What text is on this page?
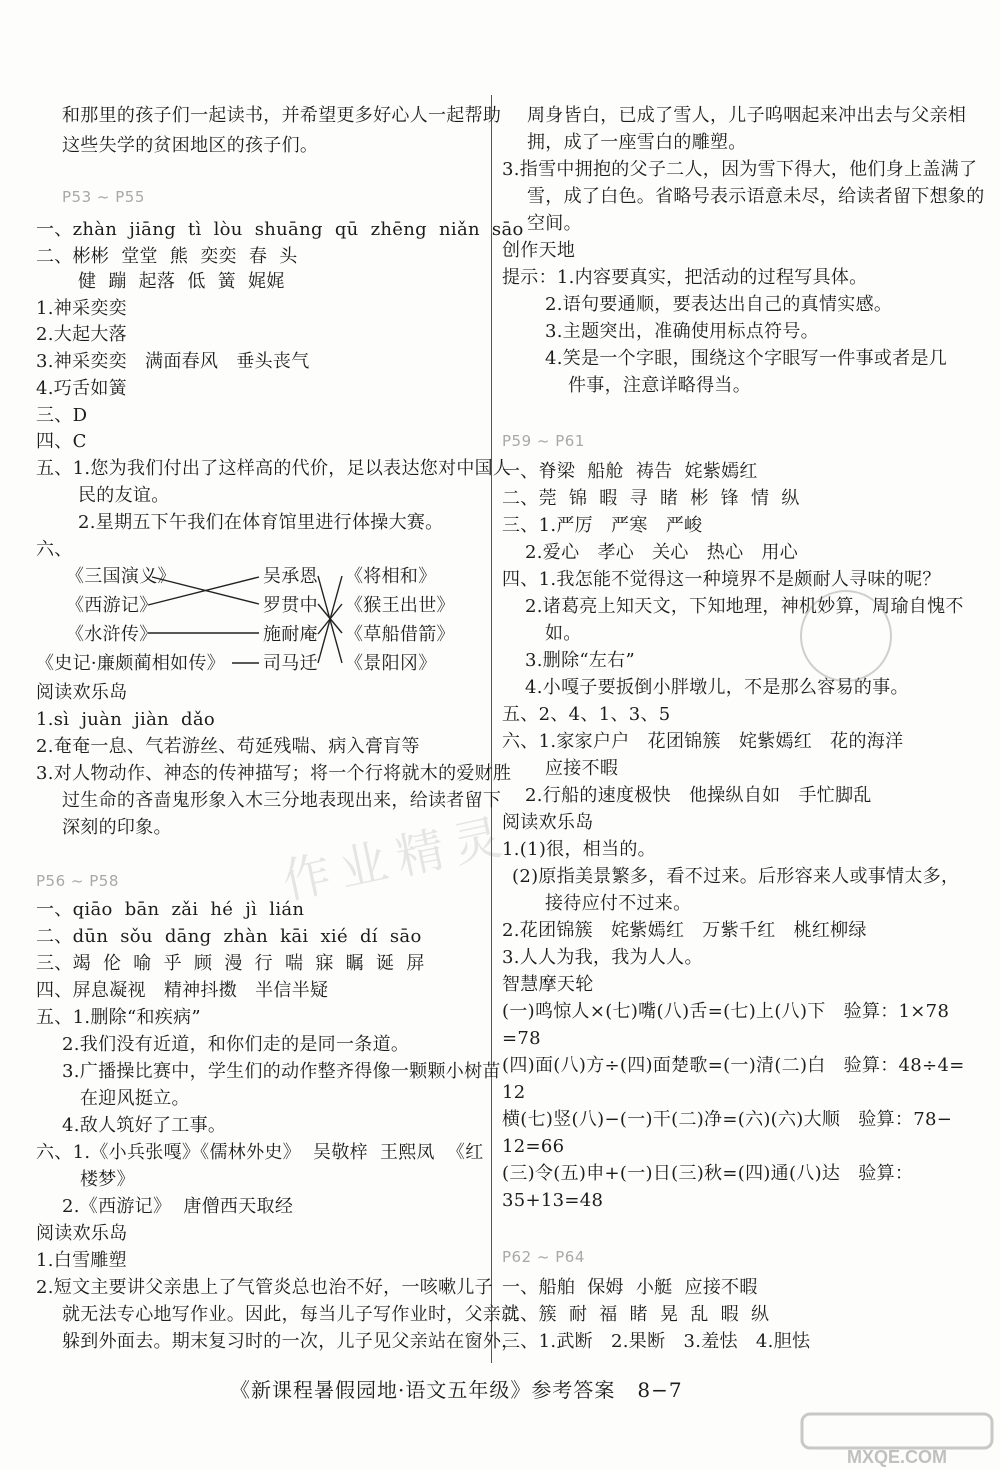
和那里的孩子们一起读书，并希望更多好心人一起帮助
这些失学的贫困地区的孩子们。
P53 ~ P55
一、zhàn  jiāng  tì  lòu  shuāng  qū  zhēng  niǎn  sāo
二、彬彬  堂堂  熊  奕奕  春  头
健  蹦  起落  低  簧  娓娓
1.神采奕奕
2.大起大落
3.神采奕奕   满面春风   垂头丧气
4.巧舌如簧
三、D
四、C
五、1.您为我们付出了这样高的代价，足以表达您对中国人
民的友谊。
2.星期五下午我们在体育馆里进行体操大赛。
六、
《三国演义》
《西游记》
《水浒传》
《史记·廉颇蔺相如传》
吴承恩
罗贯中
施耐庵
司马迁
《将相和》
《猴王出世》
《草船借箭》
《景阳冈》
阅读欢乐岛
1.sì  juàn  jiàn  dǎo
2.奄奄一息、气若游丝、苟延残喘、病入膏肓等
3.对人物动作、神态的传神描写；将一个行将就木的爱财胜
过生命的吝啬鬼形象入木三分地表现出来，给读者留下
深刻的印象。
P56 ~ P58
一、qiāo  bān  zǎi  hé  jì  lián
二、dūn  sǒu  dāng  zhàn  kāi  xié  dí  sāo
三、竭  伦  喻  乎  顾  漫  行  喘  寐  瞩  诞  屏
四、屏息凝视   精神抖擞   半信半疑
五、1.删除“和疾病”
2.我们没有近道，和你们走的是同一条道。
3.广播操比赛中，学生们的动作整齐得像一颗颗小树苗
在迎风挺立。
4.敌人筑好了工事。
六、1.《小兵张嘎》《儒林外史》  吴敬梓  王熙凤  《红
楼梦》
2.《西游记》  唐僧西天取经
阅读欢乐岛
1.白雪雕塑
2.短文主要讲父亲患上了气管炎总也治不好，一咳嗽儿子
就无法专心地写作业。因此，每当儿子写作业时，父亲就
躲到外面去。期末复习时的一次，儿子见父亲站在窗外，
周身皆白，已成了雪人，儿子呜咽起来冲出去与父亲相
拥，成了一座雪白的雕塑。
3.指雪中拥抱的父子二人，因为雪下得大，他们身上盖满了
雪，成了白色。省略号表示语意未尽，给读者留下想象的
空间。
创作天地
提示：1.内容要真实，把活动的过程写具体。
2.语句要通顺，要表达出自己的真情实感。
3.主题突出，准确使用标点符号。
4.笑是一个字眼，围绕这个字眼写一件事或者是几
件事，注意详略得当。
P59 ~ P61
一、脊梁  船舱  祷告  姹紫嫣红
二、莞  锦  暇  寻  睹  彬  锋  情  纵
三、1.严厉   严寒   严峻
2.爱心   孝心   关心   热心   用心
四、1.我怎能不觉得这一种境界不是颇耐人寻味的呢？
2.诸葛亮上知天文，下知地理，神机妙算，周瑜自愧不
如。
3.删除“左右”
4.小嘎子要扳倒小胖墩儿，不是那么容易的事。
五、2、4、1、3、5
六、1.家家户户   花团锦簇   姹紫嫣红   花的海洋
应接不暇
2.行船的速度极快   他操纵自如   手忙脚乱
阅读欢乐岛
1.(1)很，相当的。
(2)原指美景繁多，看不过来。后形容来人或事情太多，
接待应付不过来。
2.花团锦簇   姹紫嫣红   万紫千红   桃红柳绿
3.人人为我，我为人人。
智慧摩天轮
(一)鸣惊人×(七)嘴(八)舌=(七)上(八)下   验算：1×78
=78
(四)面(八)方÷(四)面楚歌=(一)清(二)白   验算：48÷4=
12
横(七)竖(八)−(一)干(二)净=(六)(六)大顺   验算：78−
12=66
(三)令(五)申+(一)日(三)秋=(四)通(八)达   验算：
35+13=48
P62 ~ P64
一、船舶  保姆  小艇  应接不暇
二、簇  耐  福  睹  晃  乱  暇  纵
三、1.武断   2.果断   3.羞怯   4.胆怯
《新课程暑假园地·语文五年级》参考答案   8−7
作业精灵
MXQE.COM
